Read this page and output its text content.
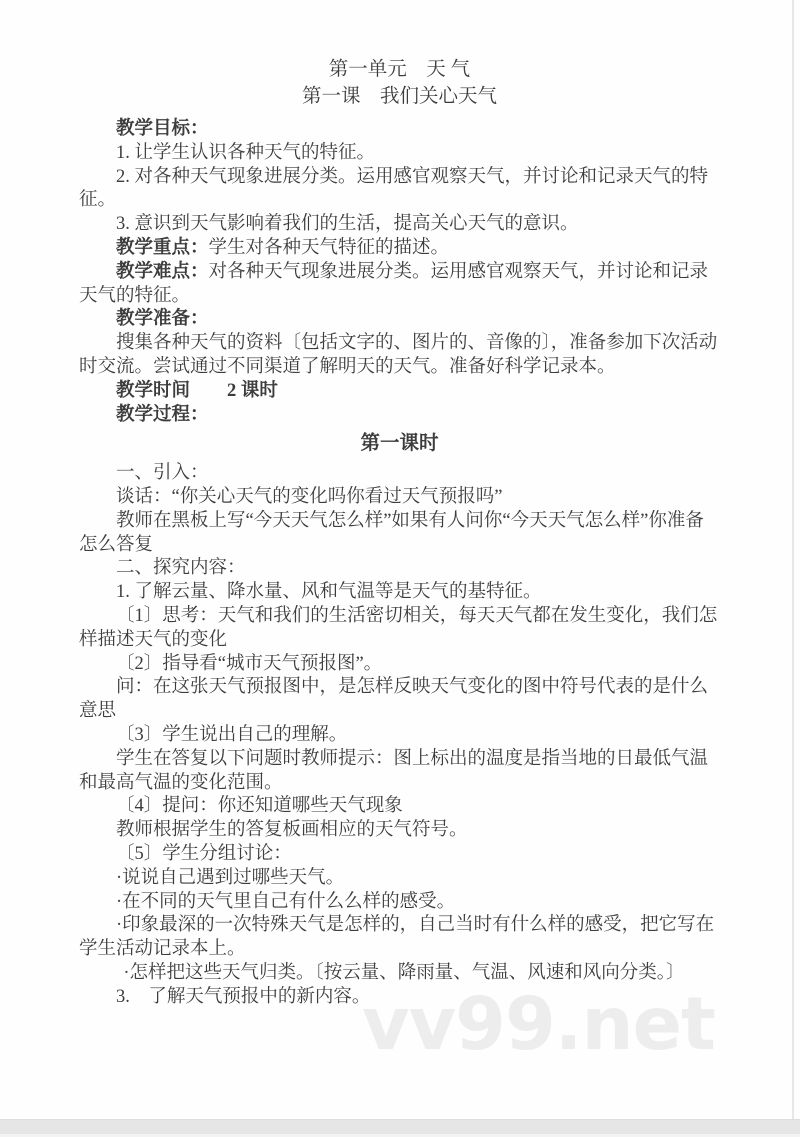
vv99.net

第一单元　天 气

第一课　我们关心天气

教学目标：

1. 让学生认识各种天气的特征。

2. 对各种天气现象进展分类。运用感官观察天气，并讨论和记录天气的特征。

3. 意识到天气影响着我们的生活，提高关心天气的意识。

教学重点：学生对各种天气特征的描述。

教学难点：对各种天气现象进展分类。运用感官观察天气，并讨论和记录天气的特征。

教学准备：

搜集各种天气的资料〔包括文字的、图片的、音像的〕，准备参加下次活动时交流。尝试通过不同渠道了解明天的天气。准备好科学记录本。

教学时间　　2 课时

教学过程：

第一课时

一、引入：

谈话：“你关心天气的变化吗你看过天气预报吗”

教师在黑板上写“今天天气怎么样”如果有人问你“今天天气怎么样”你准备怎么答复

二、探究内容：

1. 了解云量、降水量、风和气温等是天气的基特征。

〔1〕思考：天气和我们的生活密切相关，每天天气都在发生变化，我们怎样描述天气的变化

〔2〕指导看“城市天气预报图”。

问：在这张天气预报图中，是怎样反映天气变化的图中符号代表的是什么意思

〔3〕学生说出自己的理解。

学生在答复以下问题时教师提示：图上标出的温度是指当地的日最低气温和最高气温的变化范围。

〔4〕提问：你还知道哪些天气现象

教师根据学生的答复板画相应的天气符号。

〔5〕学生分组讨论：

·说说自己遇到过哪些天气。

·在不同的天气里自己有什么么样的感受。

·印象最深的一次特殊天气是怎样的，自己当时有什么样的感受，把它写在学生活动记录本上。

·怎样把这些天气归类。〔按云量、降雨量、气温、风速和风向分类。〕

3.　了解天气预报中的新内容。
